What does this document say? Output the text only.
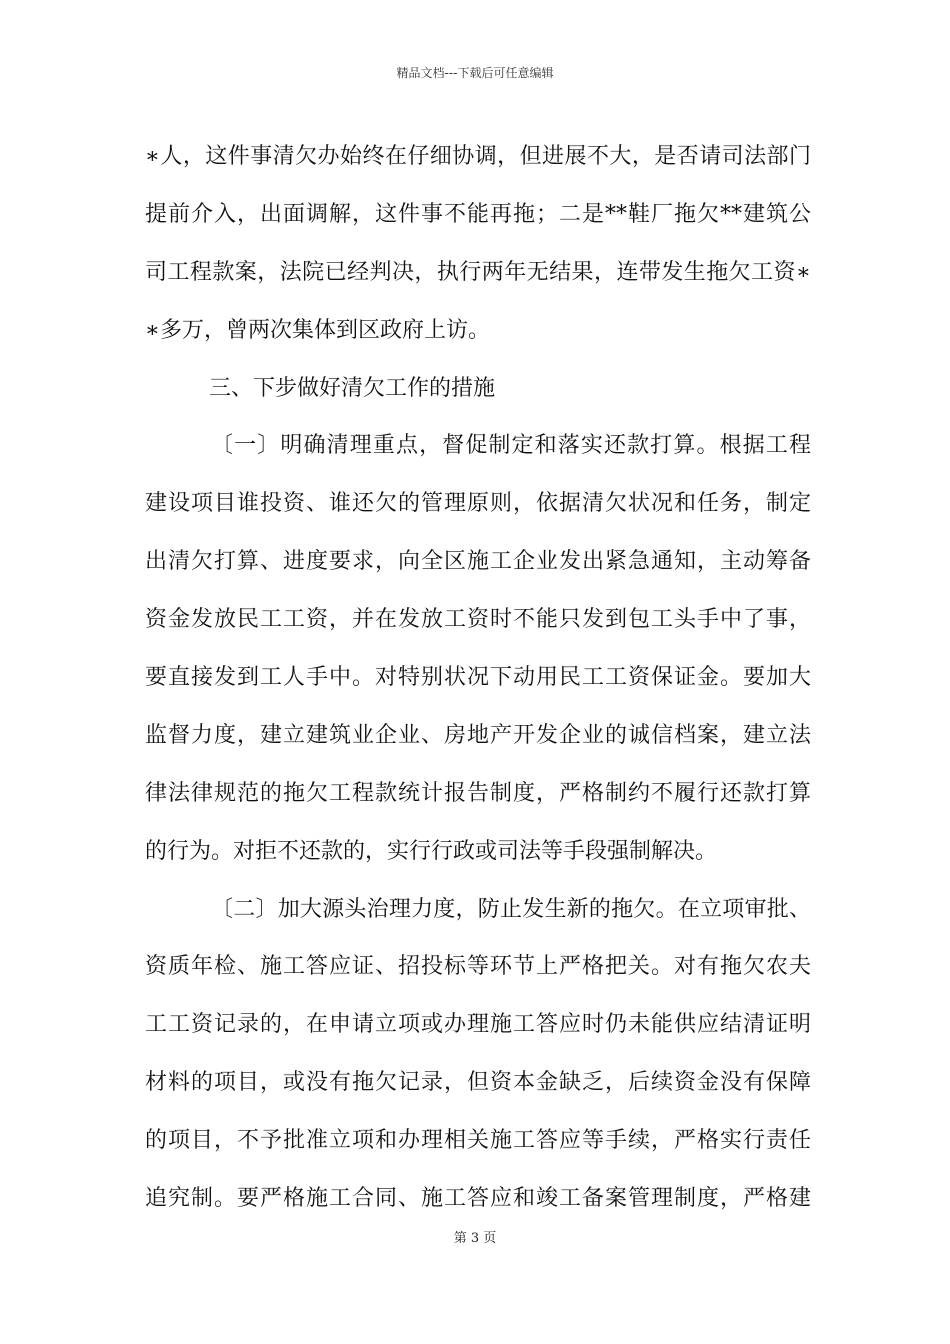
精品文档---下载后可任意编辑
∗人，这件事清欠办始终在仔细协调，但进展不大，是否请司法部门
提前介入，出面调解，这件事不能再拖；二是**鞋厂拖欠**建筑公
司工程款案，法院已经判决，执行两年无结果，连带发生拖欠工资∗
∗多万，曾两次集体到区政府上访。
三、下步做好清欠工作的措施
〔一〕明确清理重点，督促制定和落实还款打算。根据工程
建设项目谁投资、谁还欠的管理原则，依据清欠状况和任务，制定
出清欠打算、进度要求，向全区施工企业发出紧急通知，主动筹备
资金发放民工工资，并在发放工资时不能只发到包工头手中了事，
要直接发到工人手中。对特别状况下动用民工工资保证金。要加大
监督力度，建立建筑业企业、房地产开发企业的诚信档案，建立法
律法律规范的拖欠工程款统计报告制度，严格制约不履行还款打算
的行为。对拒不还款的，实行行政或司法等手段强制解决。
〔二〕加大源头治理力度，防止发生新的拖欠。在立项审批、
资质年检、施工答应证、招投标等环节上严格把关。对有拖欠农夫
工工资记录的，在申请立项或办理施工答应时仍未能供应结清证明
材料的项目，或没有拖欠记录，但资本金缺乏，后续资金没有保障
的项目，不予批准立项和办理相关施工答应等手续，严格实行责任
追究制。要严格施工合同、施工答应和竣工备案管理制度，严格建
第 3 页
